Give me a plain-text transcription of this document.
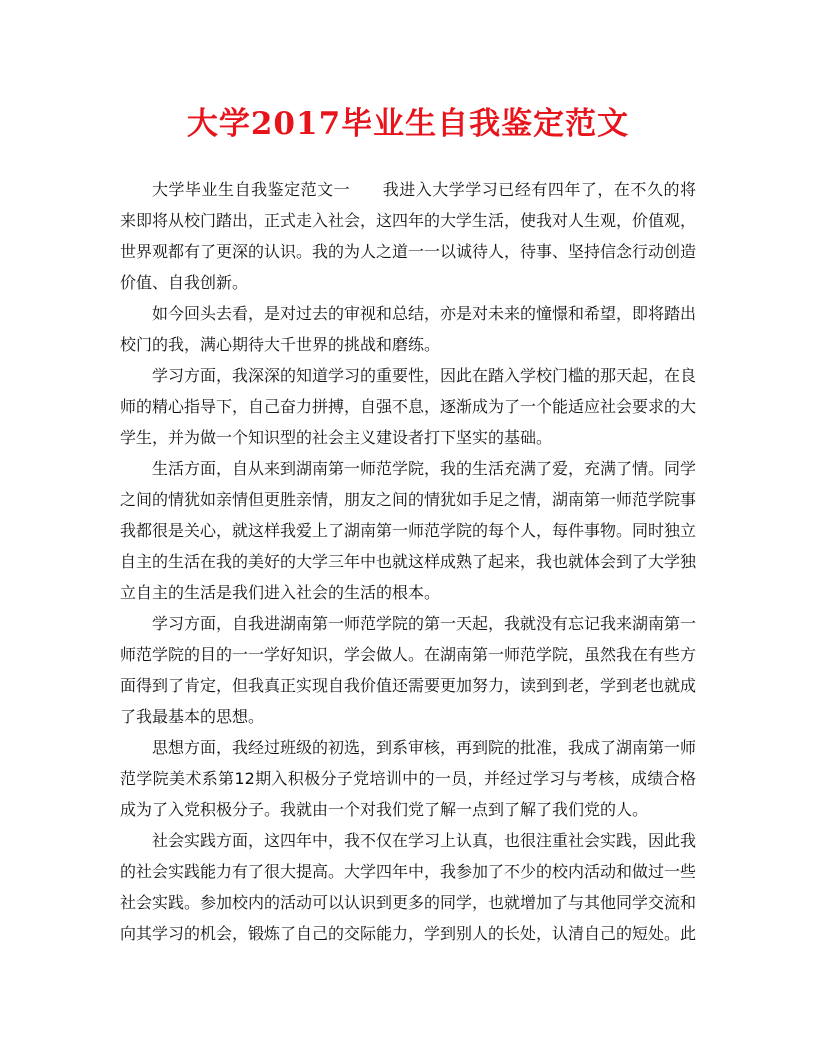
大学2017毕业生自我鉴定范文

大学毕业生自我鉴定范文一 我进入大学学习已经有四年了，在不久的将来即将从校门踏出，正式走入社会，这四年的大学生活，使我对人生观，价值观，世界观都有了更深的认识。我的为人之道一一以诚待人，待事、坚持信念行动创造价值、自我创新。

如今回头去看，是对过去的审视和总结，亦是对未来的憧憬和希望，即将踏出校门的我，满心期待大千世界的挑战和磨练。

学习方面，我深深的知道学习的重要性，因此在踏入学校门槛的那天起，在良师的精心指导下，自己奋力拼搏，自强不息，逐渐成为了一个能适应社会要求的大学生，并为做一个知识型的社会主义建设者打下坚实的基础。

生活方面，自从来到湖南第一师范学院，我的生活充满了爱，充满了情。同学之间的情犹如亲情但更胜亲情，朋友之间的情犹如手足之情，湖南第一师范学院事我都很是关心，就这样我爱上了湖南第一师范学院的每个人，每件事物。同时独立自主的生活在我的美好的大学三年中也就这样成熟了起来，我也就体会到了大学独立自主的生活是我们进入社会的生活的根本。

学习方面，自我进湖南第一师范学院的第一天起，我就没有忘记我来湖南第一师范学院的目的一一学好知识，学会做人。在湖南第一师范学院，虽然我在有些方面得到了肯定，但我真正实现自我价值还需要更加努力，读到到老，学到老也就成了我最基本的思想。

思想方面，我经过班级的初选，到系审核，再到院的批准，我成了湖南第一师范学院美术系第12期入积极分子党培训中的一员，并经过学习与考核，成绩合格成为了入党积极分子。我就由一个对我们党了解一点到了解了我们党的人。

社会实践方面，这四年中，我不仅在学习上认真，也很注重社会实践，因此我的社会实践能力有了很大提高。大学四年中，我参加了不少的校内活动和做过一些社会实践。参加校内的活动可以认识到更多的同学，也就增加了与其他同学交流和向其学习的机会，锻炼了自己的交际能力，学到别人的长处，认清自己的短处。此
